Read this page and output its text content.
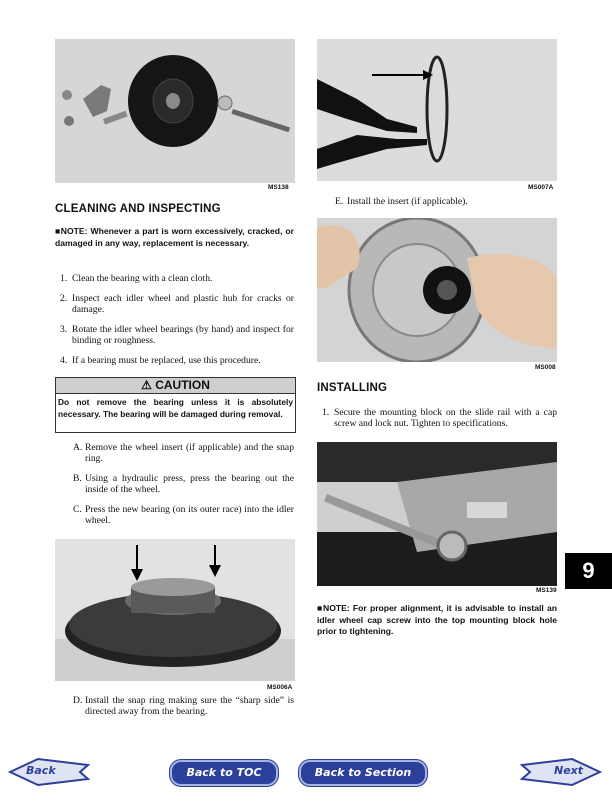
MS138
CLEANING AND INSPECTING
■NOTE: Whenever a part is worn excessively, cracked, or damaged in any way, replacement is necessary.
1. Clean the bearing with a clean cloth.
2. Inspect each idler wheel and plastic hub for cracks or damage.
3. Rotate the idler wheel bearings (by hand) and inspect for binding or roughness.
4. If a bearing must be replaced, use this procedure.
⚠ CAUTION
Do not remove the bearing unless it is absolutely necessary. The bearing will be damaged during removal.
A. Remove the wheel insert (if applicable) and the snap ring.
B. Using a hydraulic press, press the bearing out the inside of the wheel.
C. Press the new bearing (on its outer race) into the idler wheel.
MS006A
D. Install the snap ring making sure the “sharp side” is directed away from the bearing.
MS007A
E. Install the insert (if applicable).
MS008
INSTALLING
1. Secure the mounting block on the slide rail with a cap screw and lock nut. Tighten to specifications.
MS139
■NOTE: For proper alignment, it is advisable to install an idler wheel cap screw into the top mounting block hole prior to tightening.
9
Back	Back to TOC	Back to Section TOC
Next
